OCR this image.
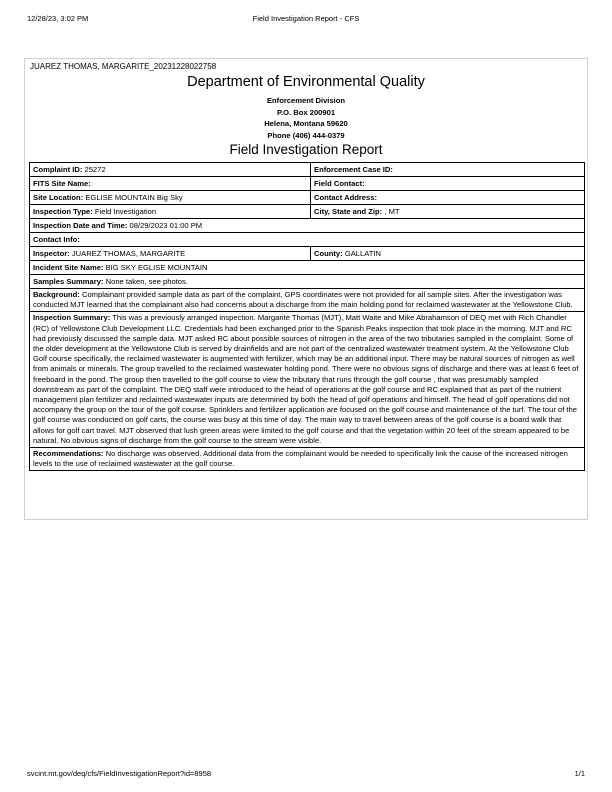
12/28/23, 3:02 PM	Field Investigation Report - CFS
JUAREZ THOMAS, MARGARITE_20231228022758
Department of Environmental Quality
Enforcement Division
P.O. Box 200901
Helena, Montana 59620
Phone (406) 444-0379
Field Investigation Report
Complaint ID: 25272	Enforcement Case ID:
FITS Site Name:	Field Contact:
Site Location: EGLISE MOUNTAIN Big Sky	Contact Address:
Inspection Type: Field Investigation	City, State and Zip: , MT
Inspection Date and Time: 08/29/2023 01:00 PM	
Contact Info:	
Inspector: JUAREZ THOMAS, MARGARITE	County: GALLATIN
Incident Site Name: BIG SKY EGLISE MOUNTAIN	
Samples Summary: None taken, see photos.	
Background: Complainant provided sample data as part of the complaint, GPS coordinates were not provided for all sample sites. After the investigation was conducted MJT learned that the complainant also had concerns about a discharge from the main holding pond for reclaimed wastewater at the Yellowstone Club.	
Inspection Summary: This was a previously arranged inspection. Margarite Thomas (MJT), Matt Waite and Mike Abrahamson of DEQ met with Rich Chandler (RC) of Yellowstone Club Development LLC. Credentials had been exchanged prior to the Spanish Peaks inspection that took place in the morning. MJT and RC had previously discussed the sample data. MJT asked RC about possible sources of nitrogen in the area of the two tributaries sampled in the complaint. Some of the older development at the Yellowstone Club is served by drainfields and are not part of the centralized wastewater treatment system. At the Yellowstone Club Golf course specifically, the reclaimed wastewater is augmented with fertilizer, which may be an additional input. There may be natural sources of nitrogen as well from animals or minerals. The group travelled to the reclaimed wastewater holding pond. There were no obvious signs of discharge and there was at least 6 feet of freeboard in the pond. The group then travelled to the golf course to view the tributary that runs through the golf course , that was presumably sampled downstream as part of the complaint. The DEQ staff were introduced to the head of operations at the golf course and RC explained that as part of the nutrient management plan fertilizer and reclaimed wastewater inputs are determined by both the head of golf operations and himself. The head of golf operations did not accompany the group on the tour of the golf course. Sprinklers and fertilizer application are focused on the golf course and maintenance of the turf. The tour of the golf course was conducted on golf carts, the course was busy at this time of day. The main way to travel between areas of the golf course is a board walk that allows for golf cart travel. MJT observed that lush green areas were limited to the golf course and that the vegetation within 20 feet of the stream appeared to be natural. No obvious signs of discharge from the golf course to the stream were visible.	
Recommendations: No discharge was observed. Additional data from the complainant would be needed to specifically link the cause of the increased nitrogen levels to the use of reclaimed wastewater at the golf course.	
svcint.mt.gov/deq/cfs/FieldInvestigationReport?id=8958	1/1
